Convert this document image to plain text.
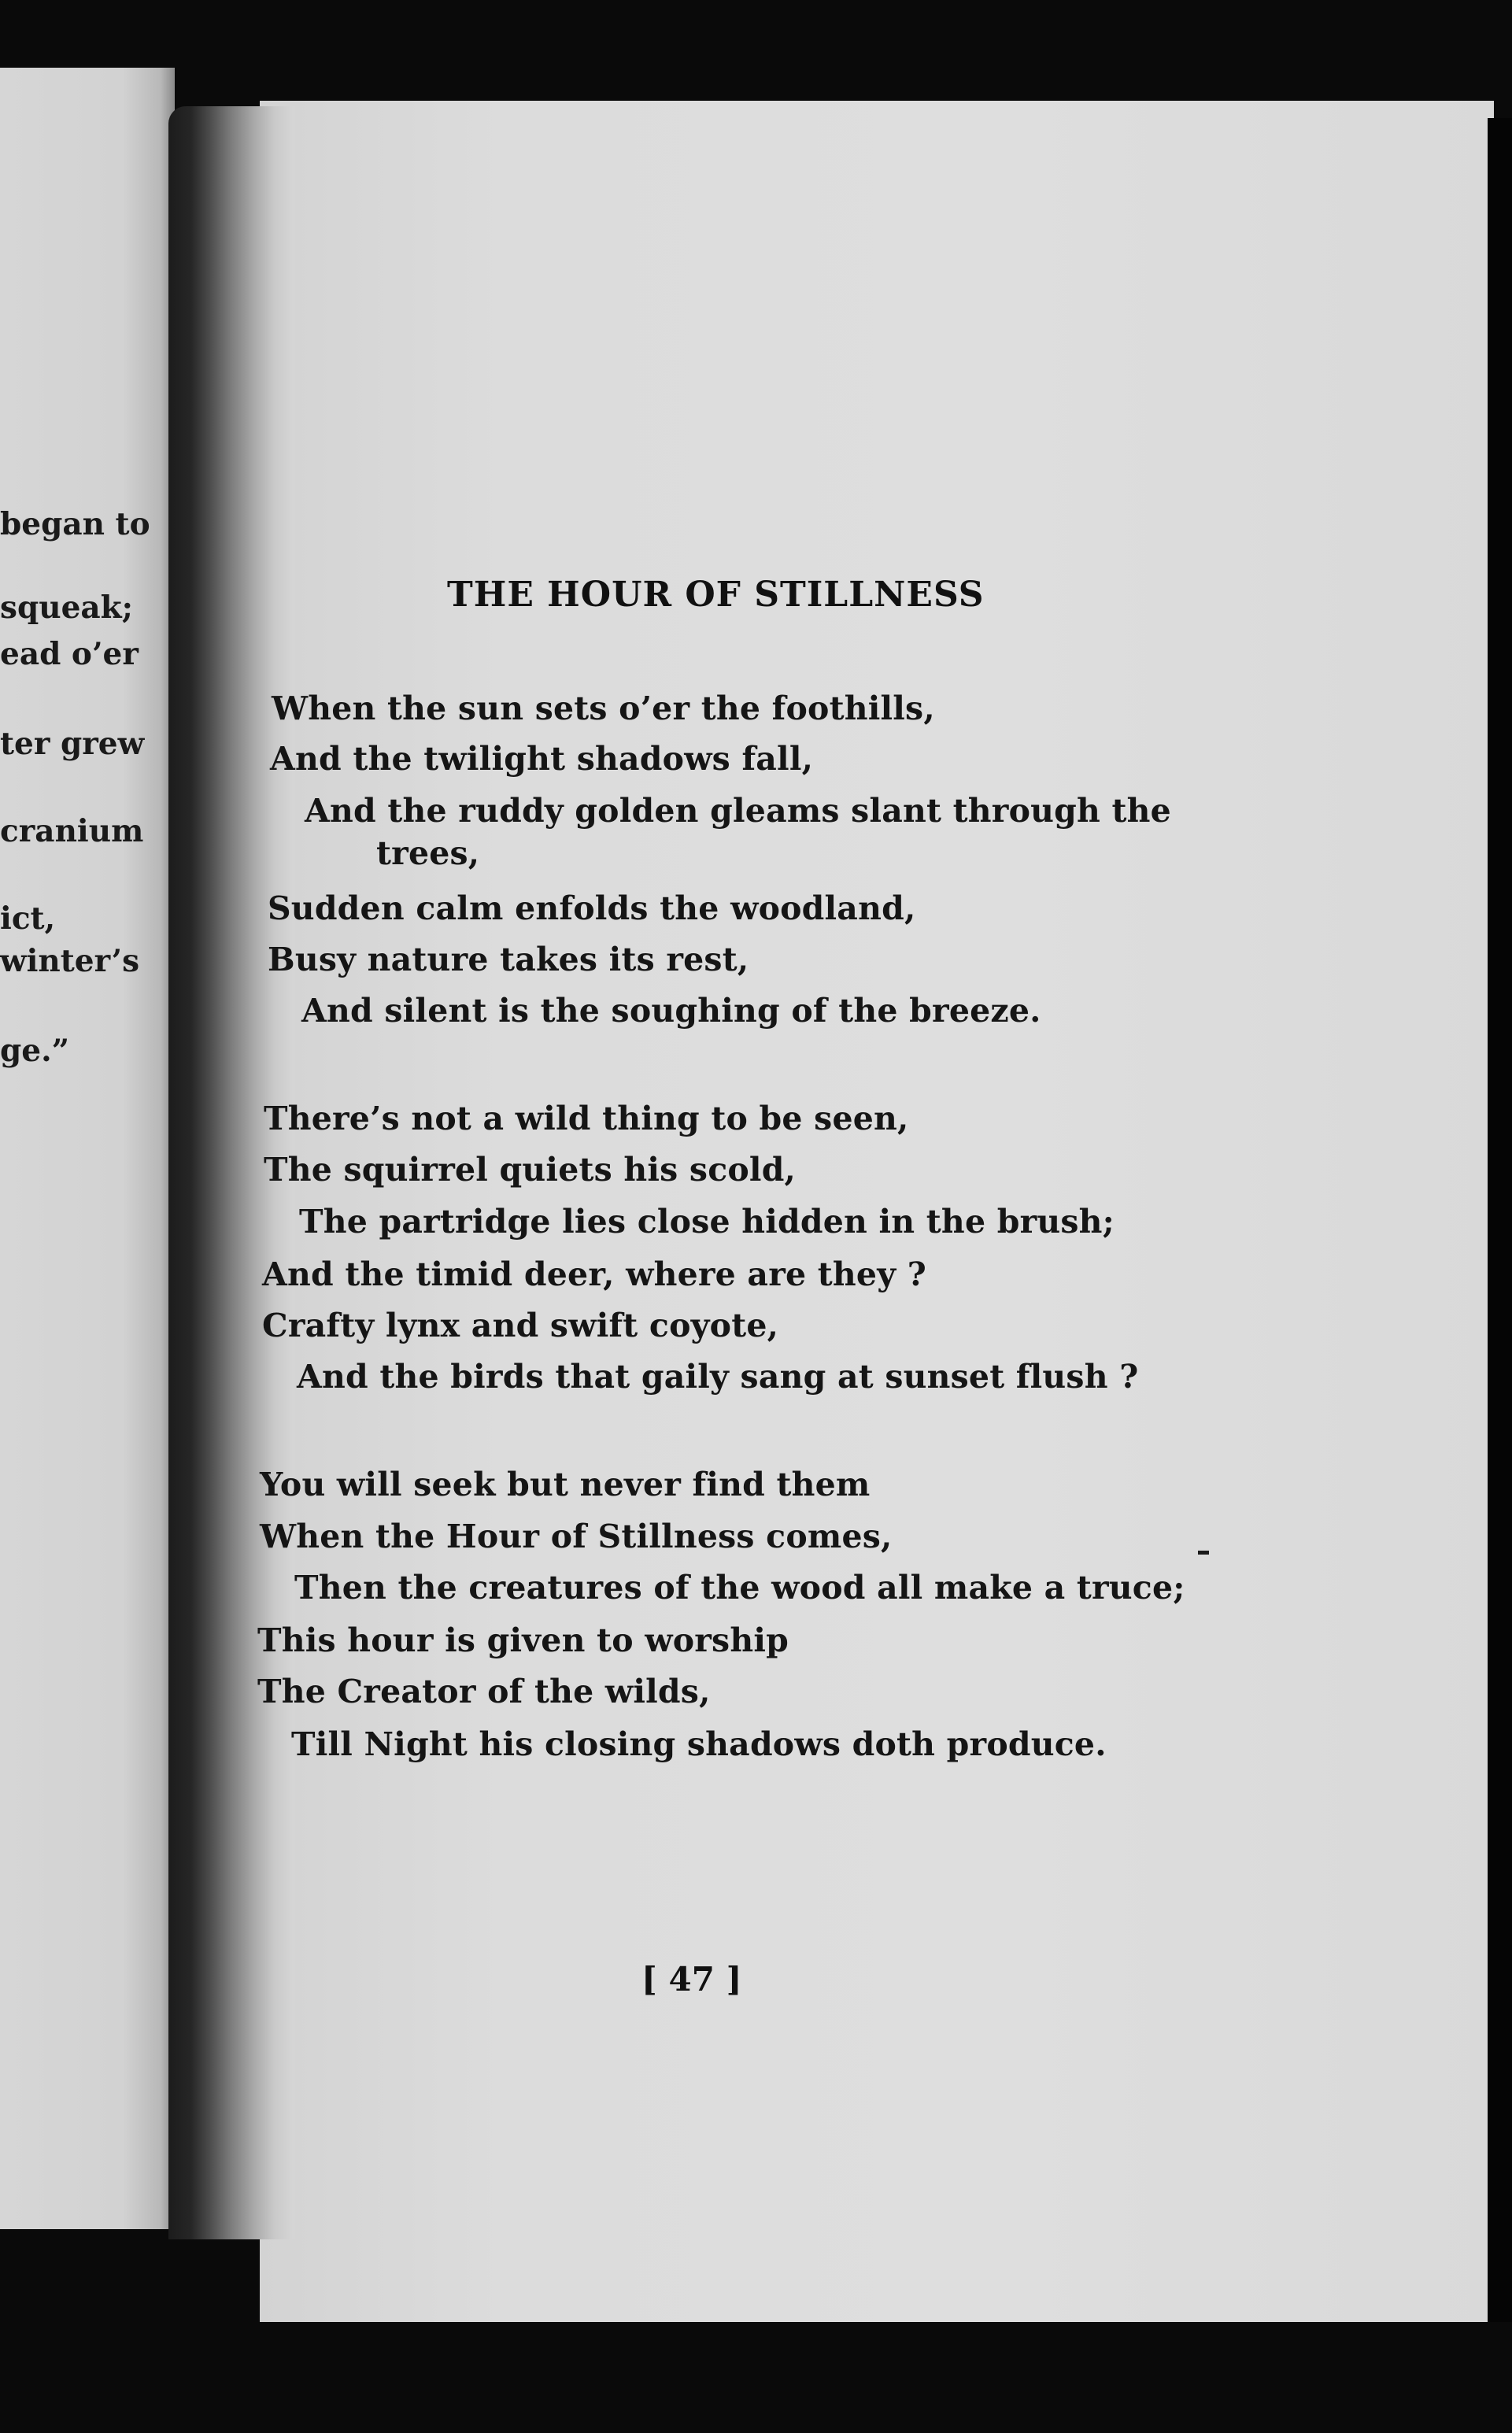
began to
squeak;
ead o’er
ter grew
cranium
ict,
winter’s
ge.”
THE HOUR OF STILLNESS
When the sun sets o’er the foothills,
And the twilight shadows fall,
And the ruddy golden gleams slant through the
trees,
Sudden calm enfolds the woodland,
Busy nature takes its rest,
And silent is the soughing of the breeze.
There’s not a wild thing to be seen,
The squirrel quiets his scold,
The partridge lies close hidden in the brush;
And the timid deer, where are they ?
Crafty lynx and swift coyote,
And the birds that gaily sang at sunset flush ?
You will seek but never find them
When the Hour of Stillness comes,
Then the creatures of the wood all make a truce;
This hour is given to worship
The Creator of the wilds,
Till Night his closing shadows doth produce.
[ 47 ]
